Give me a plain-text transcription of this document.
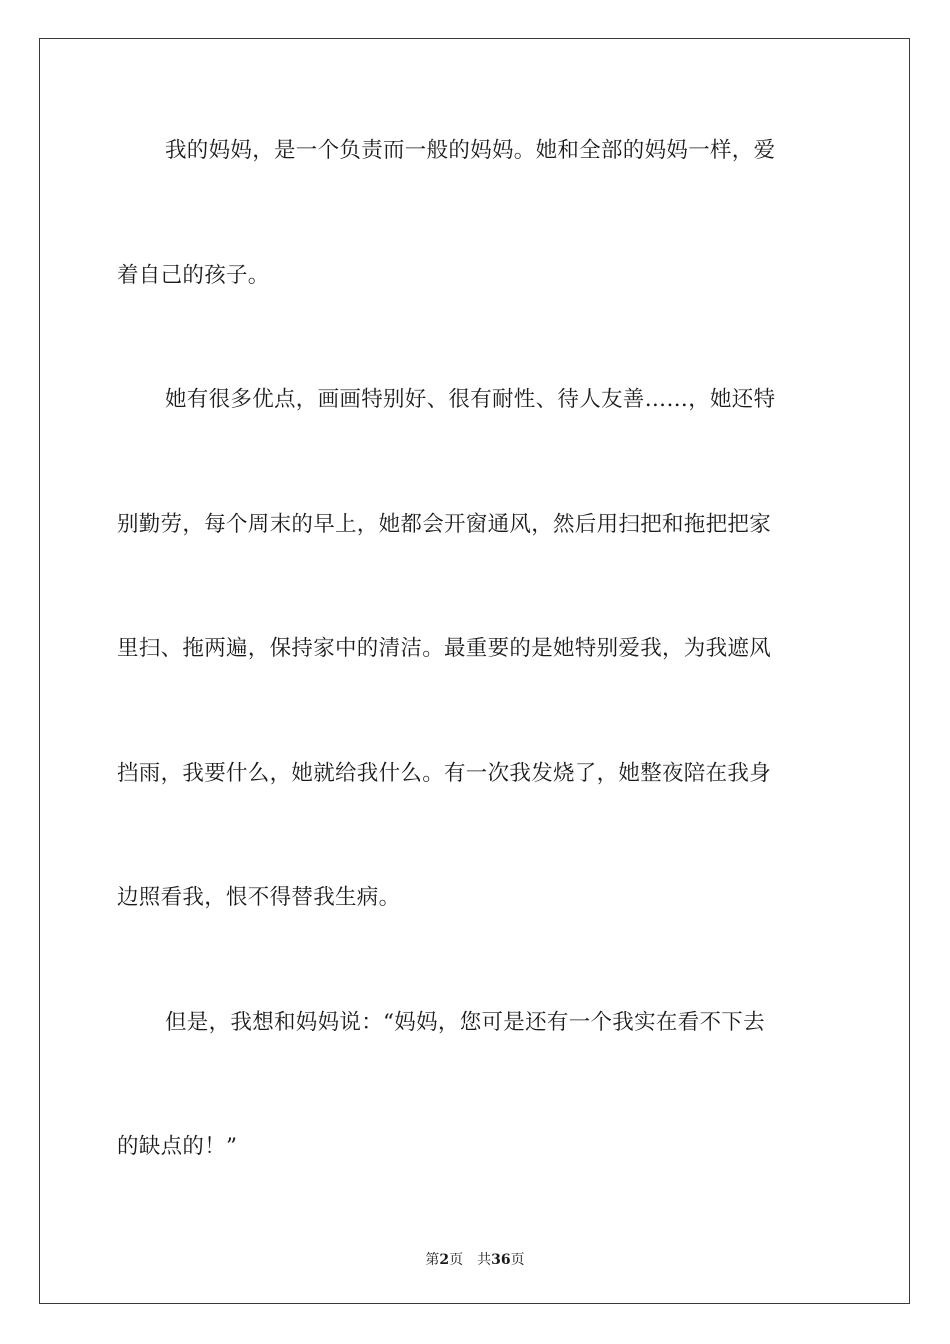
我的妈妈，是一个负责而一般的妈妈。她和全部的妈妈一样，爱

着自己的孩子。

她有很多优点，画画特别好、很有耐性、待人友善……，她还特

别勤劳，每个周末的早上，她都会开窗通风，然后用扫把和拖把把家

里扫、拖两遍，保持家中的清洁。最重要的是她特别爱我，为我遮风

挡雨，我要什么，她就给我什么。有一次我发烧了，她整夜陪在我身

边照看我，恨不得替我生病。

但是，我想和妈妈说：“妈妈，您可是还有一个我实在看不下去

的缺点的！”

第2页 共36页
